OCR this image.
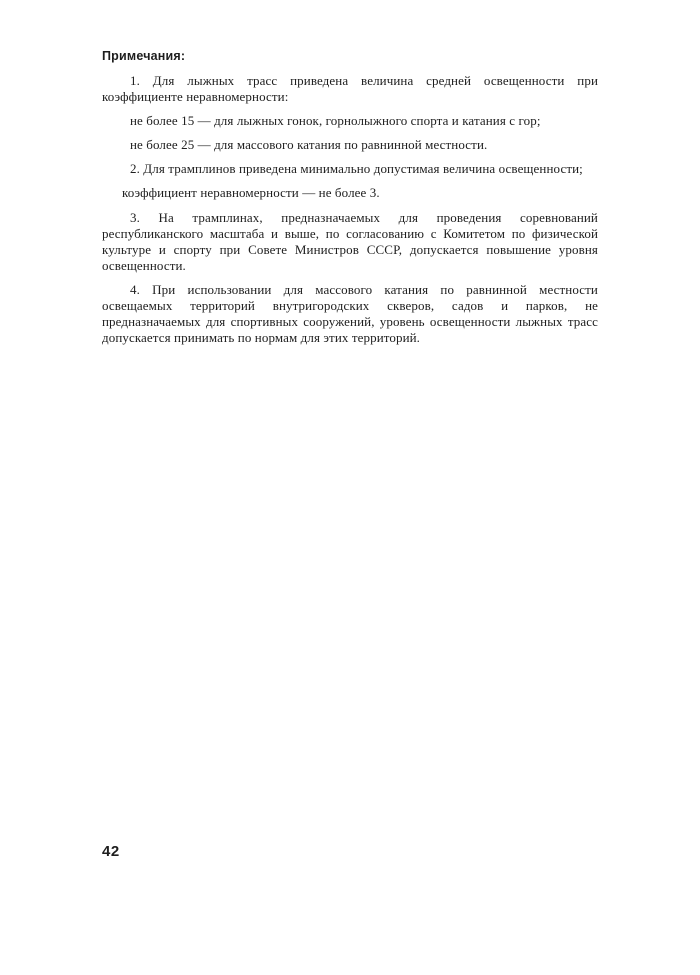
Примечания:

1. Для лыжных трасс приведена величина средней освещенности при коэффициенте неравномерности:

не более 15 — для лыжных гонок, горнолыжного спорта и катания с гор;

не более 25 — для массового катания по равнинной местности.

2. Для трамплинов приведена минимально допустимая величина освещенности;

коэффициент неравномерности — не более 3.

3. На трамплинах, предназначаемых для проведения соревнований республиканского масштаба и выше, по согласованию с Комитетом по физической культуре и спорту при Совете Министров СССР, допускается повышение уровня освещенности.

4. При использовании для массового катания по равнинной местности освещаемых территорий внутригородских скверов, садов и парков, не предназначаемых для спортивных сооружений, уровень освещенности лыжных трасс допускается принимать по нормам для этих территорий.

42
